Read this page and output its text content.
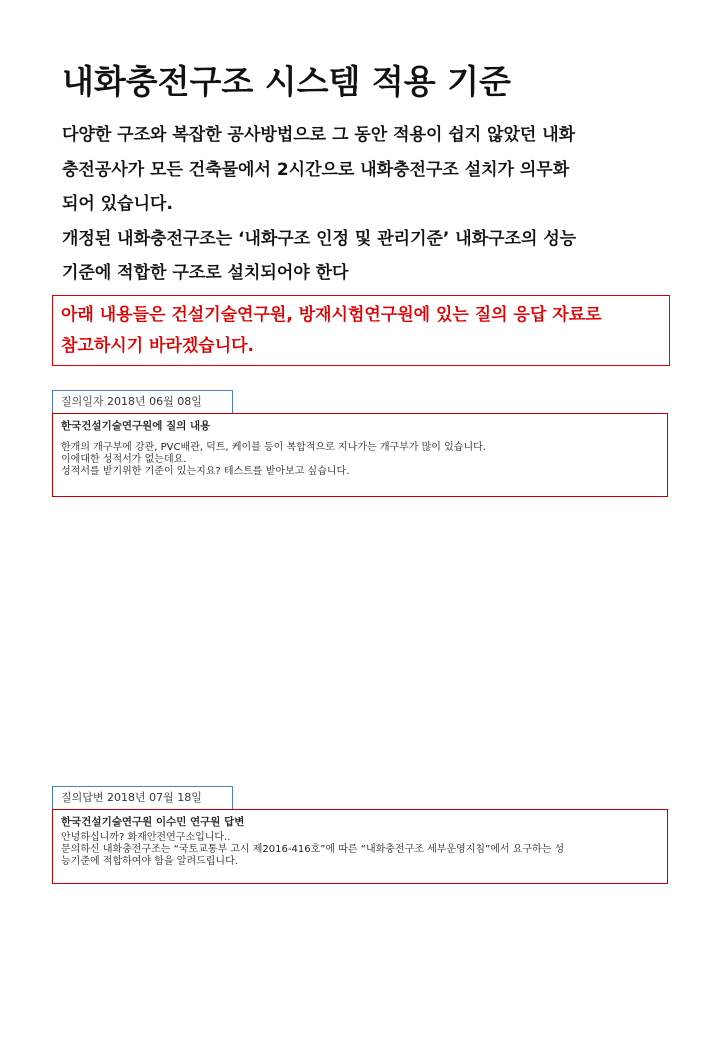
내화충전구조 시스템 적용 기준

다양한 구조와 복잡한 공사방법으로 그 동안 적용이 쉽지 않았던 내화

충전공사가 모든 건축물에서 2시간으로 내화충전구조 설치가 의무화

되어 있습니다.

개정된 내화충전구조는 ‘내화구조 인정 및 관리기준’ 내화구조의 성능

기준에 적합한 구조로 설치되어야 한다

아래 내용들은 건설기술연구원, 방재시험연구원에 있는 질의 응답 자료로

참고하시기 바라겠습니다.

질의일자 2018년 06월 08일

한국건설기술연구원에 질의 내용

한개의 개구부에 강관, PVC배관, 덕트, 케이블 등이 복합적으로 지나가는 개구부가 많이 있습니다.

이에대한 성적서가 없는데요.

성적서를 받기위한 기준이 있는지요? 테스트를 받아보고 싶습니다.

질의답변 2018년 07월 18일

한국건설기술연구원 이수민 연구원 답변

안녕하십니까? 화재안전연구소입니다..

문의하신 내화충전구조는 “국토교통부 고시 제2016-416호”에 따른 “내화충전구조 세부운영지침”에서 요구하는 성

능기준에 적합하여야 함을 알려드립니다.
